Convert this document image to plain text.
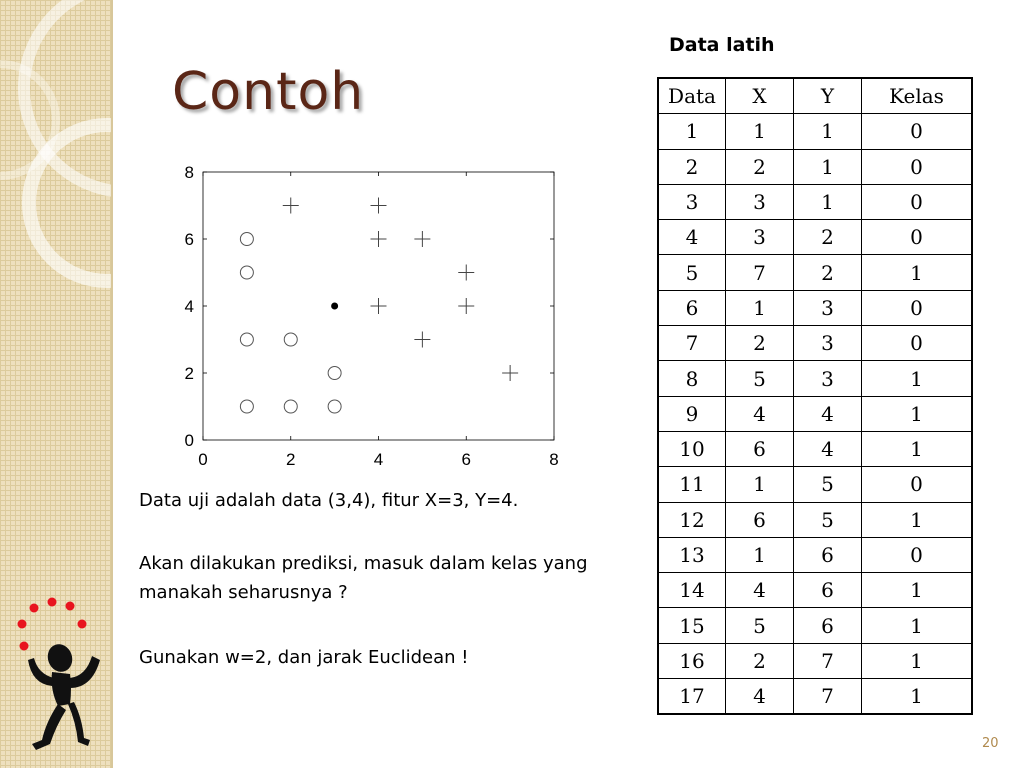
Contoh
Data latih
Data	X	Y	Kelas
1	1	1	0
2	2	1	0
3	3	1	0
4	3	2	0
5	7	2	1
6	1	3	0
7	2	3	0
8	5	3	1
9	4	4	1
10	6	4	1
11	1	5	0
12	6	5	1
13	1	6	0
14	4	6	1
15	5	6	1
16	2	7	1
17	4	7	1
0	2	4	6	8
0
2
4
6
8
Data uji adalah data (3,4), fitur X=3, Y=4.
Akan dilakukan prediksi, masuk dalam kelas yang manakah seharusnya ?
Gunakan w=2, dan jarak Euclidean !
20
